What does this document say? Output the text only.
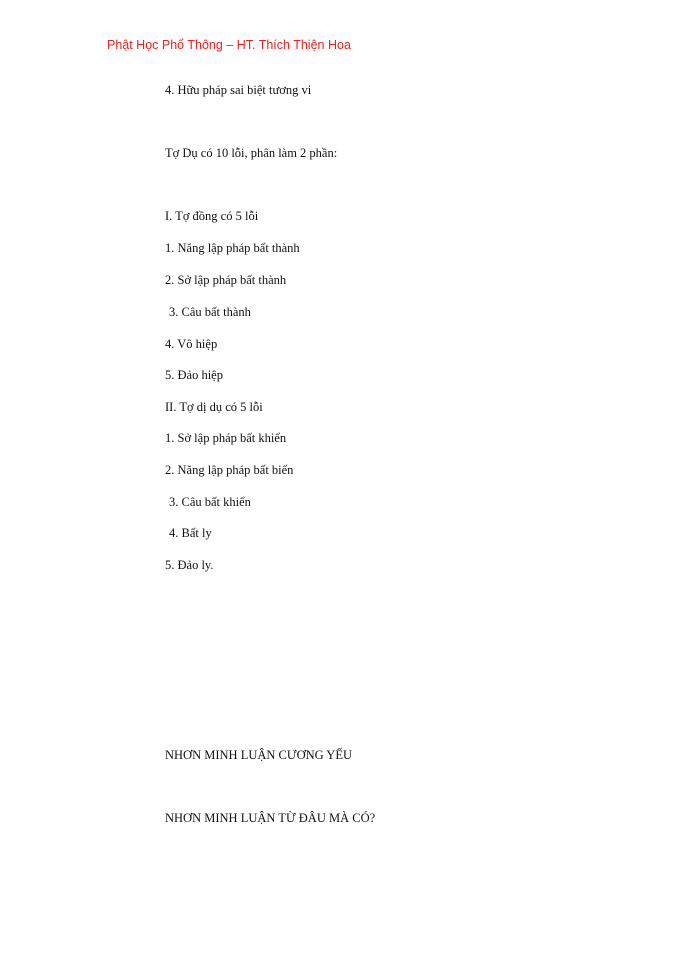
Phật Học Phổ Thông – HT. Thích Thiện Hoa
4. Hữu pháp sai biệt tương vi
Tợ Dụ có 10 lỗi, phân làm 2 phần:
I. Tợ đồng có 5 lỗi
1. Năng lập pháp bất thành
2. Sở lập pháp bất thành
3. Câu bất thành
4. Vô hiệp
5. Đảo hiệp
II. Tợ dị dụ có 5 lỗi
1. Sở lập pháp bất khiển
2. Năng lập pháp bất biến
3. Câu bất khiển
4. Bất ly
5. Đảo ly.
NHƠN MINH LUẬN CƯƠNG YẾU
NHƠN MINH LUẬN TỪ ĐÂU MÀ CÓ?
